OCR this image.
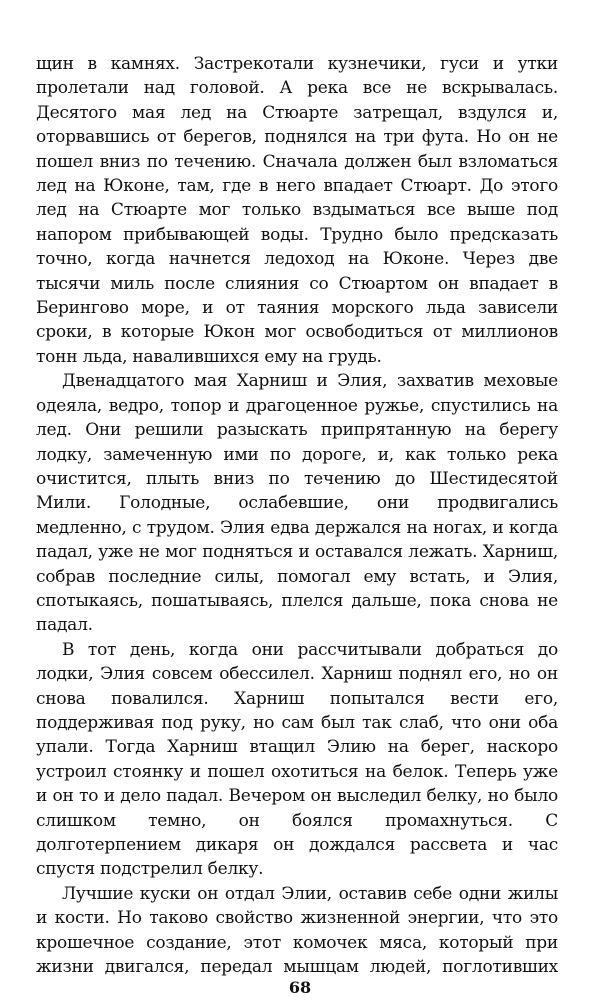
щин в камнях. Застрекотали кузнечики, гуси и утки пролетали над головой. А река все не вскрывалась. Десятого мая лед на Стюарте затрещал, вздулся и, оторвавшись от берегов, поднялся на три фута. Но он не пошел вниз по течению. Сначала должен был взломаться лед на Юконе, там, где в него впадает Стюарт. До этого лед на Стюарте мог только вздыматься все выше под напором прибывающей воды. Трудно было предсказать точно, когда начнется ледоход на Юконе. Через две тысячи миль после слияния со Стюартом он впадает в Берингово море, и от таяния морского льда зависели сроки, в которые Юкон мог освободиться от миллионов тонн льда, навалившихся ему на грудь.

Двенадцатого мая Харниш и Элия, захватив меховые одеяла, ведро, топор и драгоценное ружье, спустились на лед. Они решили разыскать припрятанную на берегу лодку, замеченную ими по дороге, и, как только река очистится, плыть вниз по течению до Шестидесятой Мили. Голодные, ослабевшие, они продвигались медленно, с трудом. Элия едва держался на ногах, и когда падал, уже не мог подняться и оставался лежать. Харниш, собрав последние силы, помогал ему встать, и Элия, спотыкаясь, пошатываясь, плелся дальше, пока снова не падал.

В тот день, когда они рассчитывали добраться до лодки, Элия совсем обессилел. Харниш поднял его, но он снова повалился. Харниш попытался вести его, поддерживая под руку, но сам был так слаб, что они оба упали. Тогда Харниш втащил Элию на берег, наскоро устроил стоянку и пошел охотиться на белок. Теперь уже и он то и дело падал. Вечером он выследил белку, но было слишком темно, он боялся промахнуться. С долготерпением дикаря он дождался рассвета и час спустя подстрелил белку.

Лучшие куски он отдал Элии, оставив себе одни жилы и кости. Но таково свойство жизненной энергии, что это крошечное создание, этот комочек мяса, который при жизни двигался, передал мышцам людей, поглотивших

68
